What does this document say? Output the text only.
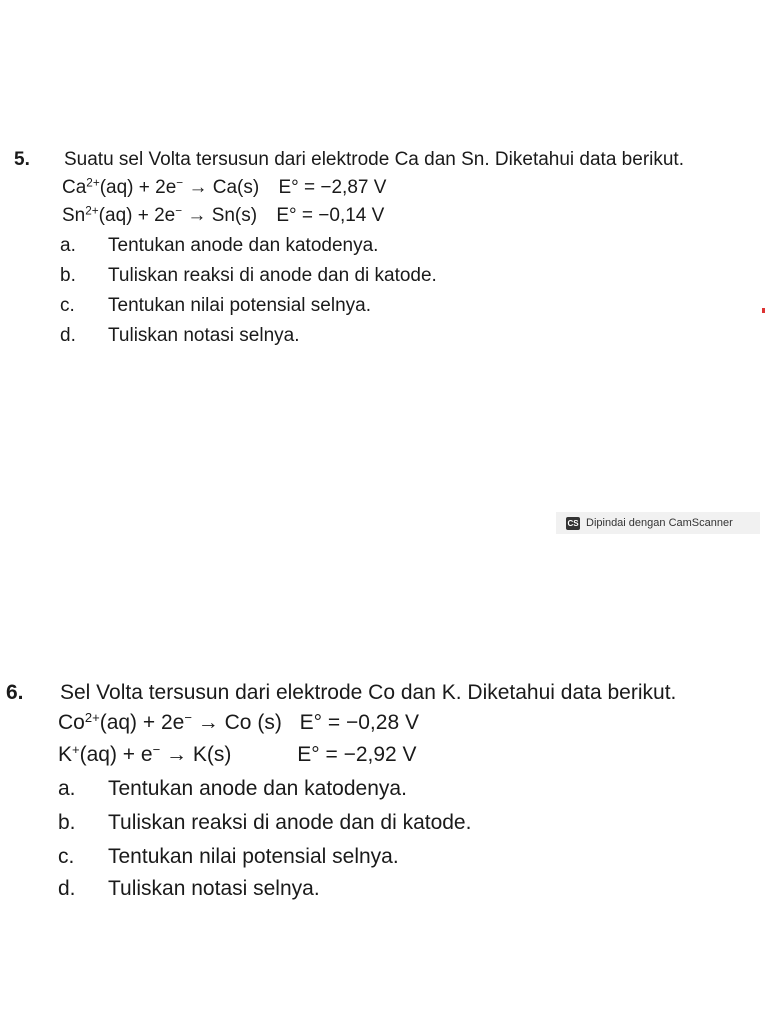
5. Suatu sel Volta tersusun dari elektrode Ca dan Sn. Diketahui data berikut.
$Ca^{2+}(aq) + 2e^- \to Ca(s) E^\circ = -2,87$ V
$Sn^{2+}(aq) + 2e^- \to Sn(s) E^\circ = -0,14$ V
a. Tentukan anode dan katodenya.
b. Tuliskan reaksi di anode dan di katode.
c. Tentukan nilai potensial selnya.
d. Tuliskan notasi selnya.
CS Dipindai dengan CamScanner
6. Sel Volta tersusun dari elektrode Co dan K. Diketahui data berikut.
$Co^{2+}(aq) + 2e^- \to Co$ (s) E° = −0,28 V
K+(aq) + e− → K(s)	E° = −2,92 V
a. Tentukan anode dan katodenya.
b. Tuliskan reaksi di anode dan di katode.
c. Tentukan nilai potensial selnya.
d. Tuliskan notasi selnya.
